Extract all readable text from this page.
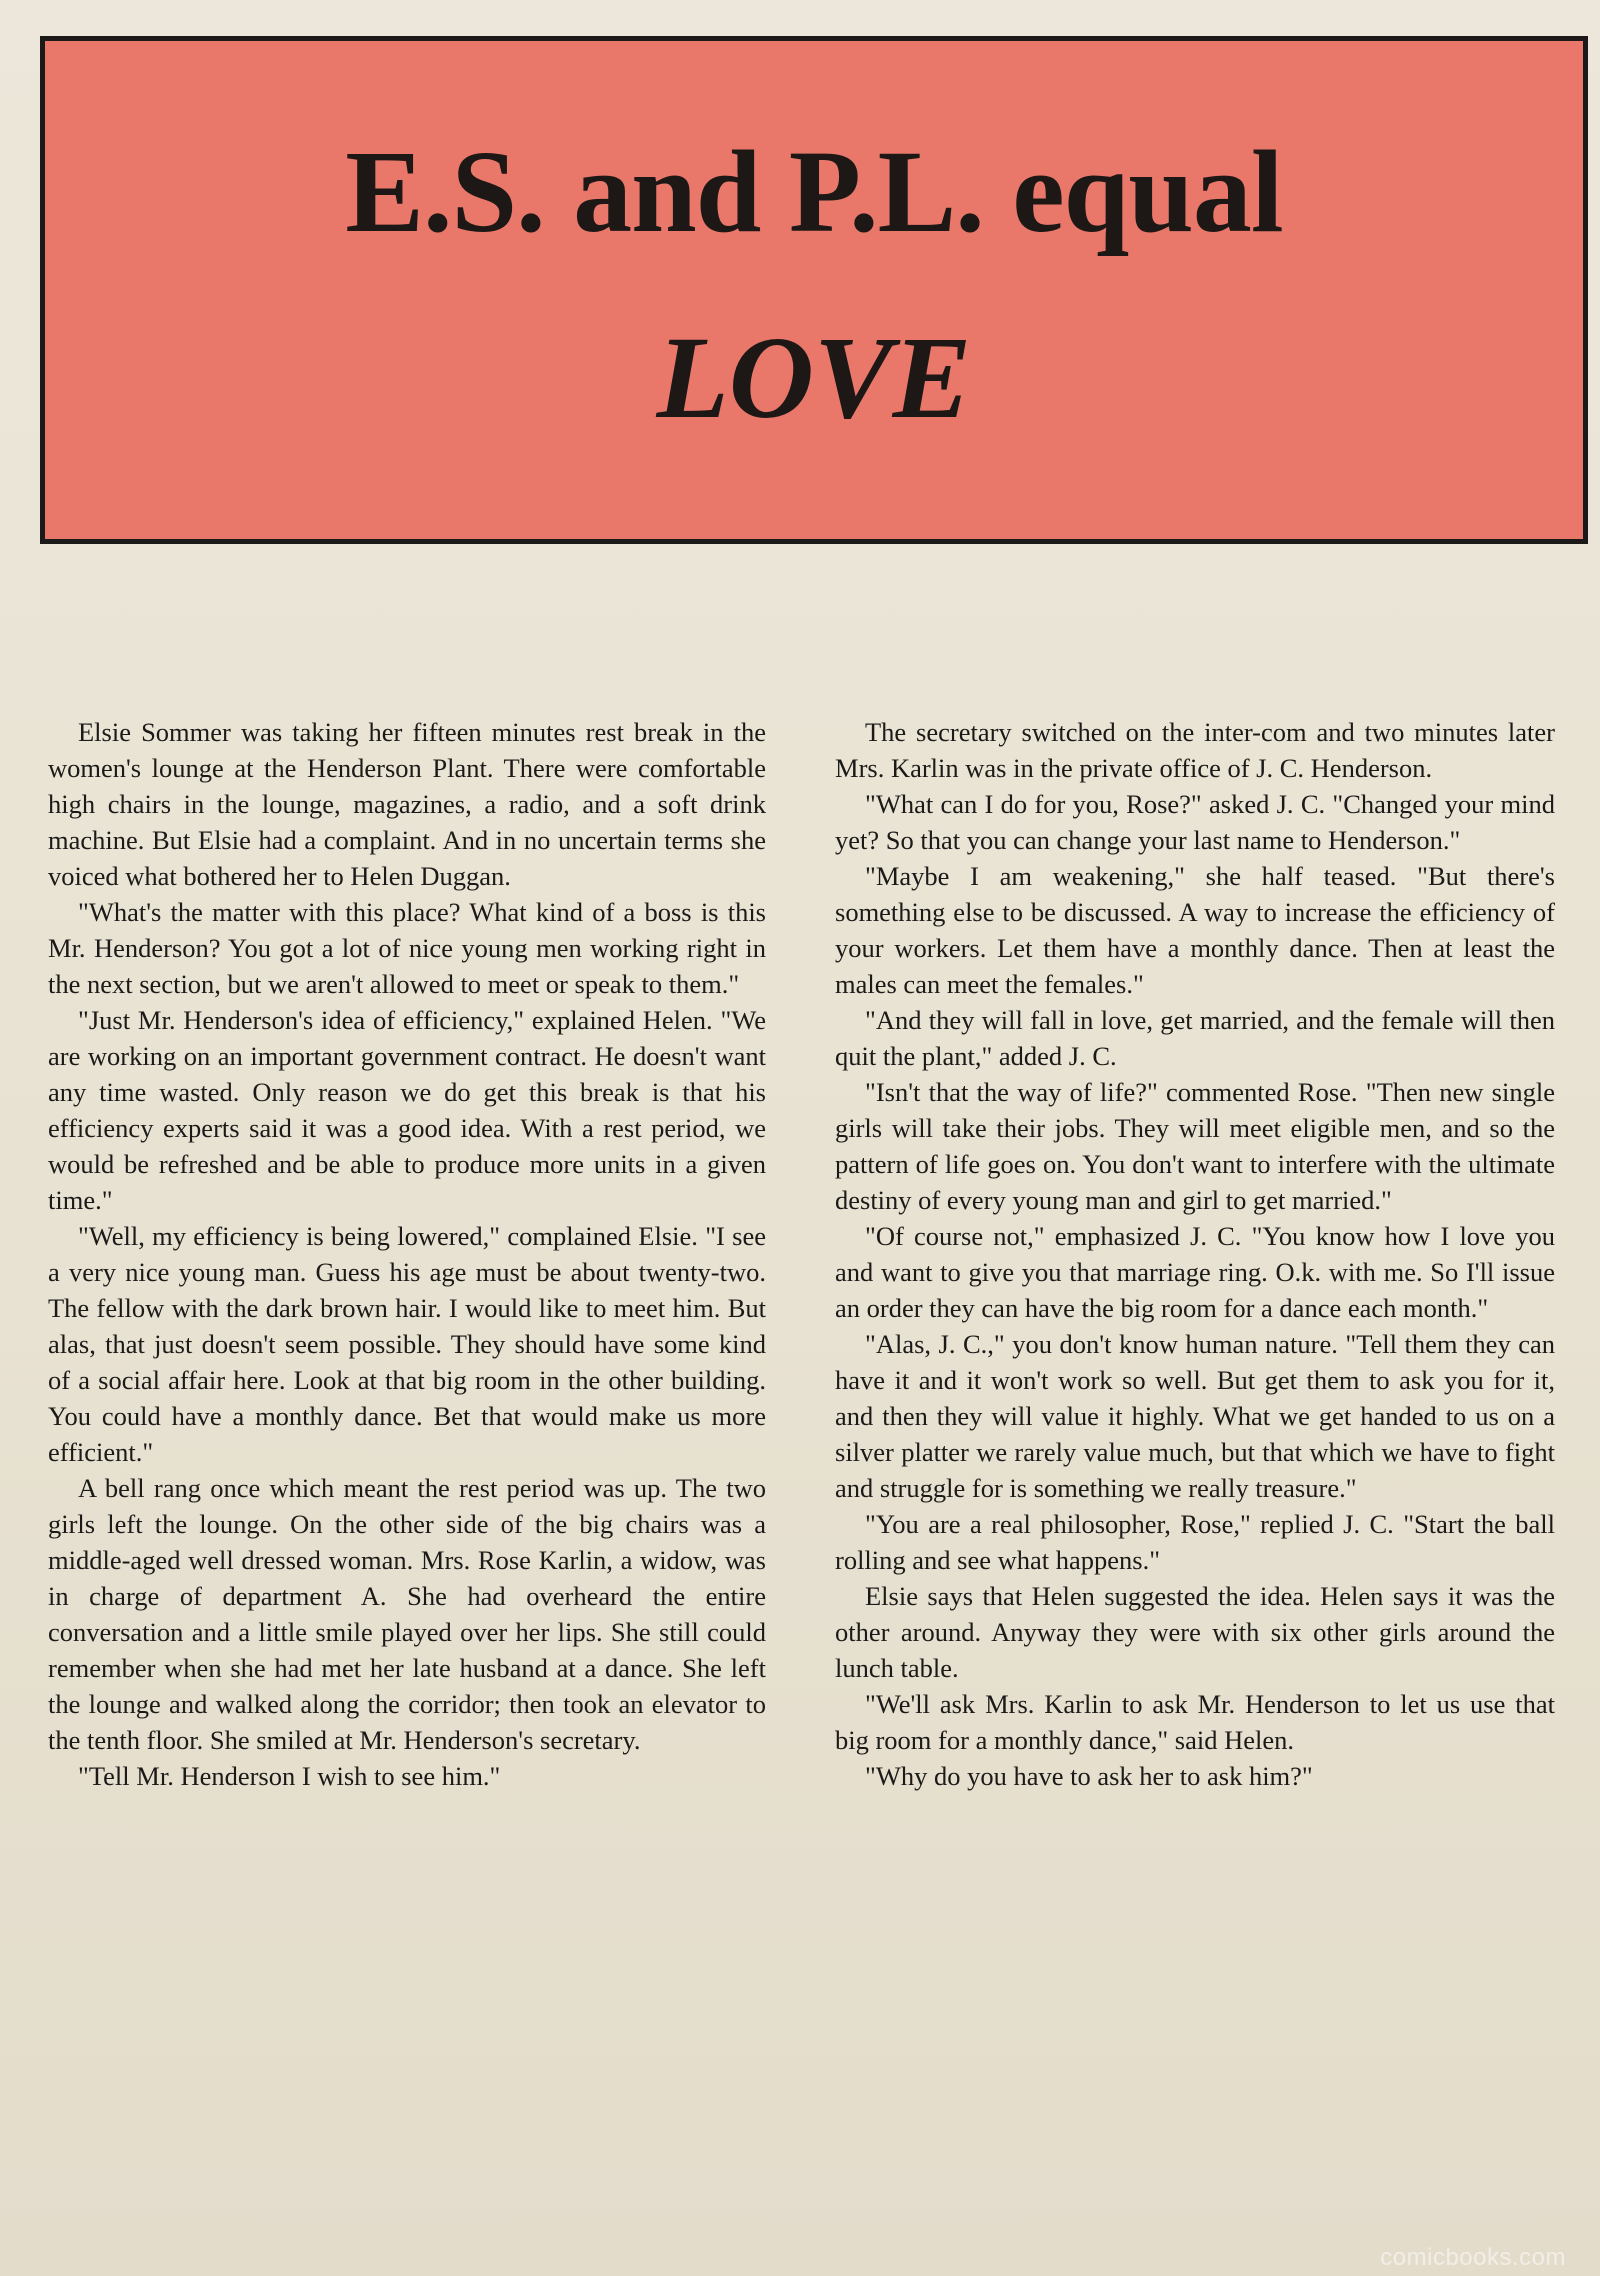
E.S. and P.L. equal
LOVE

Elsie Sommer was taking her fifteen minutes rest break in the women's lounge at the Henderson Plant. There were comfortable high chairs in the lounge, magazines, a radio, and a soft drink machine. But Elsie had a complaint. And in no uncertain terms she voiced what bothered her to Helen Duggan.

"What's the matter with this place? What kind of a boss is this Mr. Henderson? You got a lot of nice young men working right in the next section, but we aren't allowed to meet or speak to them."

"Just Mr. Henderson's idea of efficiency," explained Helen. "We are working on an important government contract. He doesn't want any time wasted. Only reason we do get this break is that his efficiency experts said it was a good idea. With a rest period, we would be refreshed and be able to produce more units in a given time."

"Well, my efficiency is being lowered," complained Elsie. "I see a very nice young man. Guess his age must be about twenty-two. The fellow with the dark brown hair. I would like to meet him. But alas, that just doesn't seem possible. They should have some kind of a social affair here. Look at that big room in the other building. You could have a monthly dance. Bet that would make us more efficient."

A bell rang once which meant the rest period was up. The two girls left the lounge. On the other side of the big chairs was a middle-aged well dressed woman. Mrs. Rose Karlin, a widow, was in charge of department A. She had overheard the entire conversation and a little smile played over her lips. She still could remember when she had met her late husband at a dance. She left the lounge and walked along the corridor; then took an elevator to the tenth floor. She smiled at Mr. Henderson's secretary.

"Tell Mr. Henderson I wish to see him."

The secretary switched on the inter-com and two minutes later Mrs. Karlin was in the private office of J. C. Henderson.

"What can I do for you, Rose?" asked J. C. "Changed your mind yet? So that you can change your last name to Henderson."

"Maybe I am weakening," she half teased. "But there's something else to be discussed. A way to increase the efficiency of your workers. Let them have a monthly dance. Then at least the males can meet the females."

"And they will fall in love, get married, and the female will then quit the plant," added J. C.

"Isn't that the way of life?" commented Rose. "Then new single girls will take their jobs. They will meet eligible men, and so the pattern of life goes on. You don't want to interfere with the ultimate destiny of every young man and girl to get married."

"Of course not," emphasized J. C. "You know how I love you and want to give you that marriage ring. O.k. with me. So I'll issue an order they can have the big room for a dance each month."

"Alas, J. C.," you don't know human nature. "Tell them they can have it and it won't work so well. But get them to ask you for it, and then they will value it highly. What we get handed to us on a silver platter we rarely value much, but that which we have to fight and struggle for is something we really treasure."

"You are a real philosopher, Rose," replied J. C. "Start the ball rolling and see what happens."

Elsie says that Helen suggested the idea. Helen says it was the other around. Anyway they were with six other girls around the lunch table.

"We'll ask Mrs. Karlin to ask Mr. Henderson to let us use that big room for a monthly dance," said Helen.

"Why do you have to ask her to ask him?"

comicbooks.com
